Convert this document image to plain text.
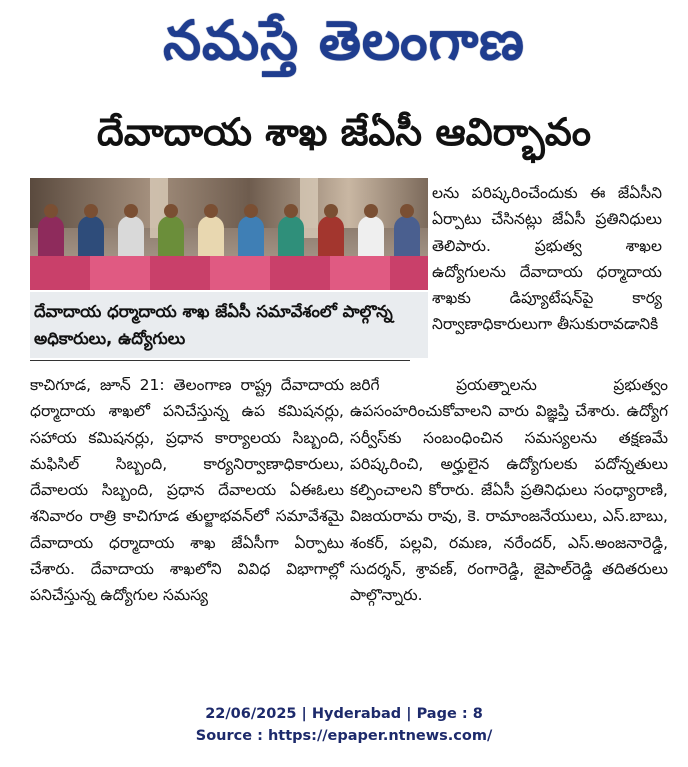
నమస్తే తెలంగాణ
దేవాదాయ శాఖ జేఏసీ ఆవిర్భావం

దేవాదాయ ధర్మాదాయ శాఖ జేఏసీ సమావేశంలో పాల్గొన్న అధికారులు, ఉద్యోగులు

లను పరిష్కరించేందుకు ఈ జేఏసీని ఏర్పాటు చేసినట్లు జేఏసీ ప్రతినిధులు తెలిపారు. ప్రభుత్వ శాఖల ఉద్యోగులను దేవాదాయ ధర్మాదాయ శాఖకు డిప్యూటేషన్‌పై కార్య నిర్వాణాధికారులుగా తీసుకురావడానికి

కాచిగూడ, జూన్ 21: తెలంగాణ రాష్ట్ర దేవాదాయ ధర్మాదాయ శాఖలో పనిచేస్తున్న ఉప కమిషనర్లు, సహాయ కమిషనర్లు, ప్రధాన కార్యాలయ సిబ్బంది, మఫిసిల్ సిబ్బంది, కార్యనిర్వాణాధికారులు, దేవాలయ సిబ్బంది, ప్రధాన దేవాలయ ఏఈఓలు శనివారం రాత్రి కాచిగూడ తుల్జాభవన్‌లో సమావేశమై దేవాదాయ ధర్మాదాయ శాఖ జేఏసీగా ఏర్పాటు చేశారు. దేవాదాయ శాఖలోని వివిధ విభాగాల్లో పనిచేస్తున్న ఉద్యోగుల సమస్య

జరిగే ప్రయత్నాలను ప్రభుత్వం ఉపసంహరించుకోవాలని వారు విజ్ఞప్తి చేశారు. ఉద్యోగ సర్వీస్‌కు సంబంధించిన సమస్యలను తక్షణమే పరిష్కరించి, అర్హులైన ఉద్యోగులకు పదోన్నతులు కల్పించాలని కోరారు. జేఏసీ ప్రతినిధులు సంధ్యారాణి, విజయరామ రావు, కె. రామాంజనేయులు, ఎస్.బాబు, శంకర్, పల్లవి, రమణ, నరేందర్, ఎస్.అంజనారెడ్డి, సుదర్శన్, శ్రావణ్, రంగారెడ్డి, జైపాల్‌రెడ్డి తదితరులు పాల్గొన్నారు.

22/06/2025 | Hyderabad | Page : 8
Source : https://epaper.ntnews.com/
